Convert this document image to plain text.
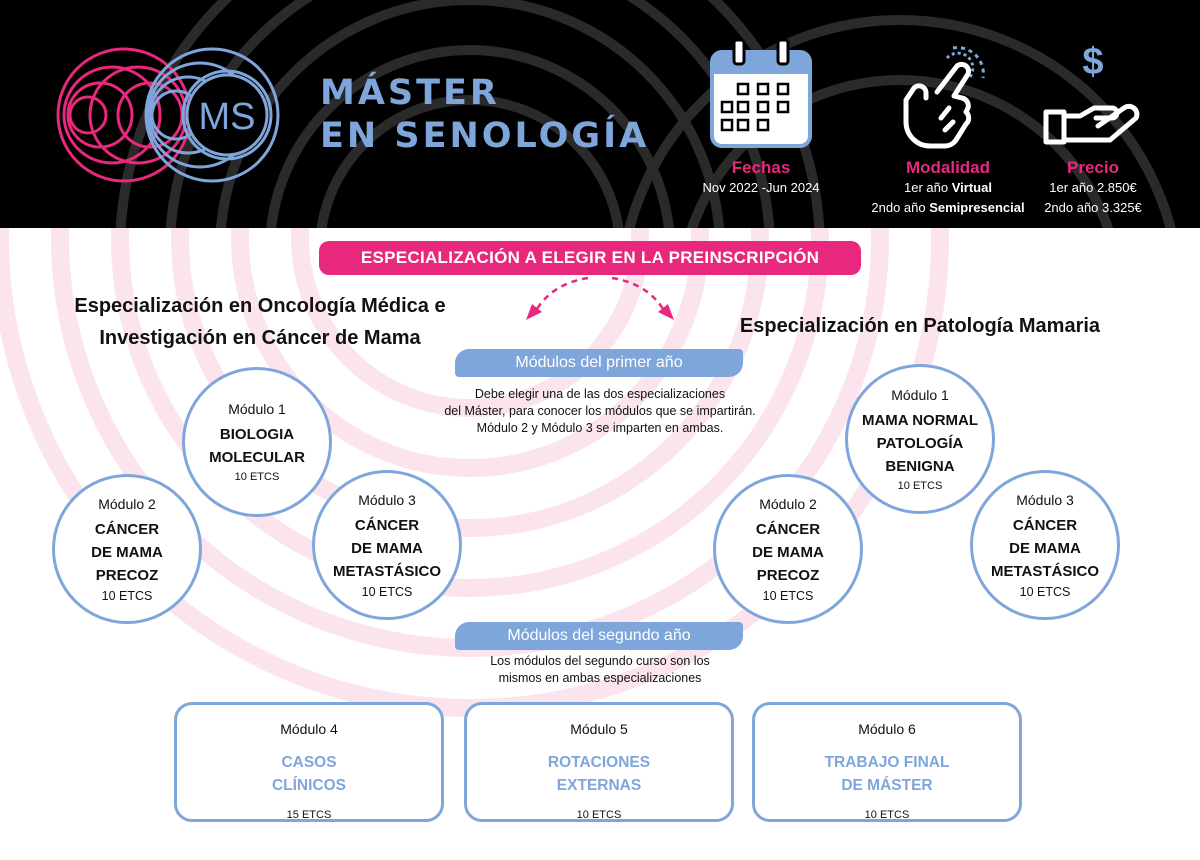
MS
MÁSTER
EN SENOLOGÍA
Fechas
Nov 2022 -Jun 2024
Modalidad
1er año Virtual
2ndo año Semipresencial
$
Precio
1er año 2.850€
2ndo año 3.325€
ESPECIALIZACIÓN A ELEGIR EN LA PREINSCRIPCIÓN
Especialización en Oncología Médica e
Investigación en Cáncer de Mama
Especialización en Patología Mamaria
Módulos del primer año
Debe elegir una de las dos especializaciones
del Máster, para conocer los módulos que se impartirán.
Módulo 2 y Módulo 3 se imparten en ambas.
Módulo 1
BIOLOGIA
MOLECULAR
10 ETCS
Módulo 2
CÁNCER
DE MAMA
PRECOZ
10 ETCS
Módulo 3
CÁNCER
DE MAMA
METASTÁSICO
10 ETCS
Módulo 1
MAMA NORMAL
PATOLOGÍA
BENIGNA
10 ETCS
Módulo 2
CÁNCER
DE MAMA
PRECOZ
10 ETCS
Módulo 3
CÁNCER
DE MAMA
METASTÁSICO
10 ETCS
Módulos del segundo año
Los módulos del segundo curso son los
mismos en ambas especializaciones
Módulo 4
CASOS
CLÍNICOS
15 ETCS
Módulo 5
ROTACIONES
EXTERNAS
10 ETCS
Módulo 6
TRABAJO FINAL
DE MÁSTER
10 ETCS
